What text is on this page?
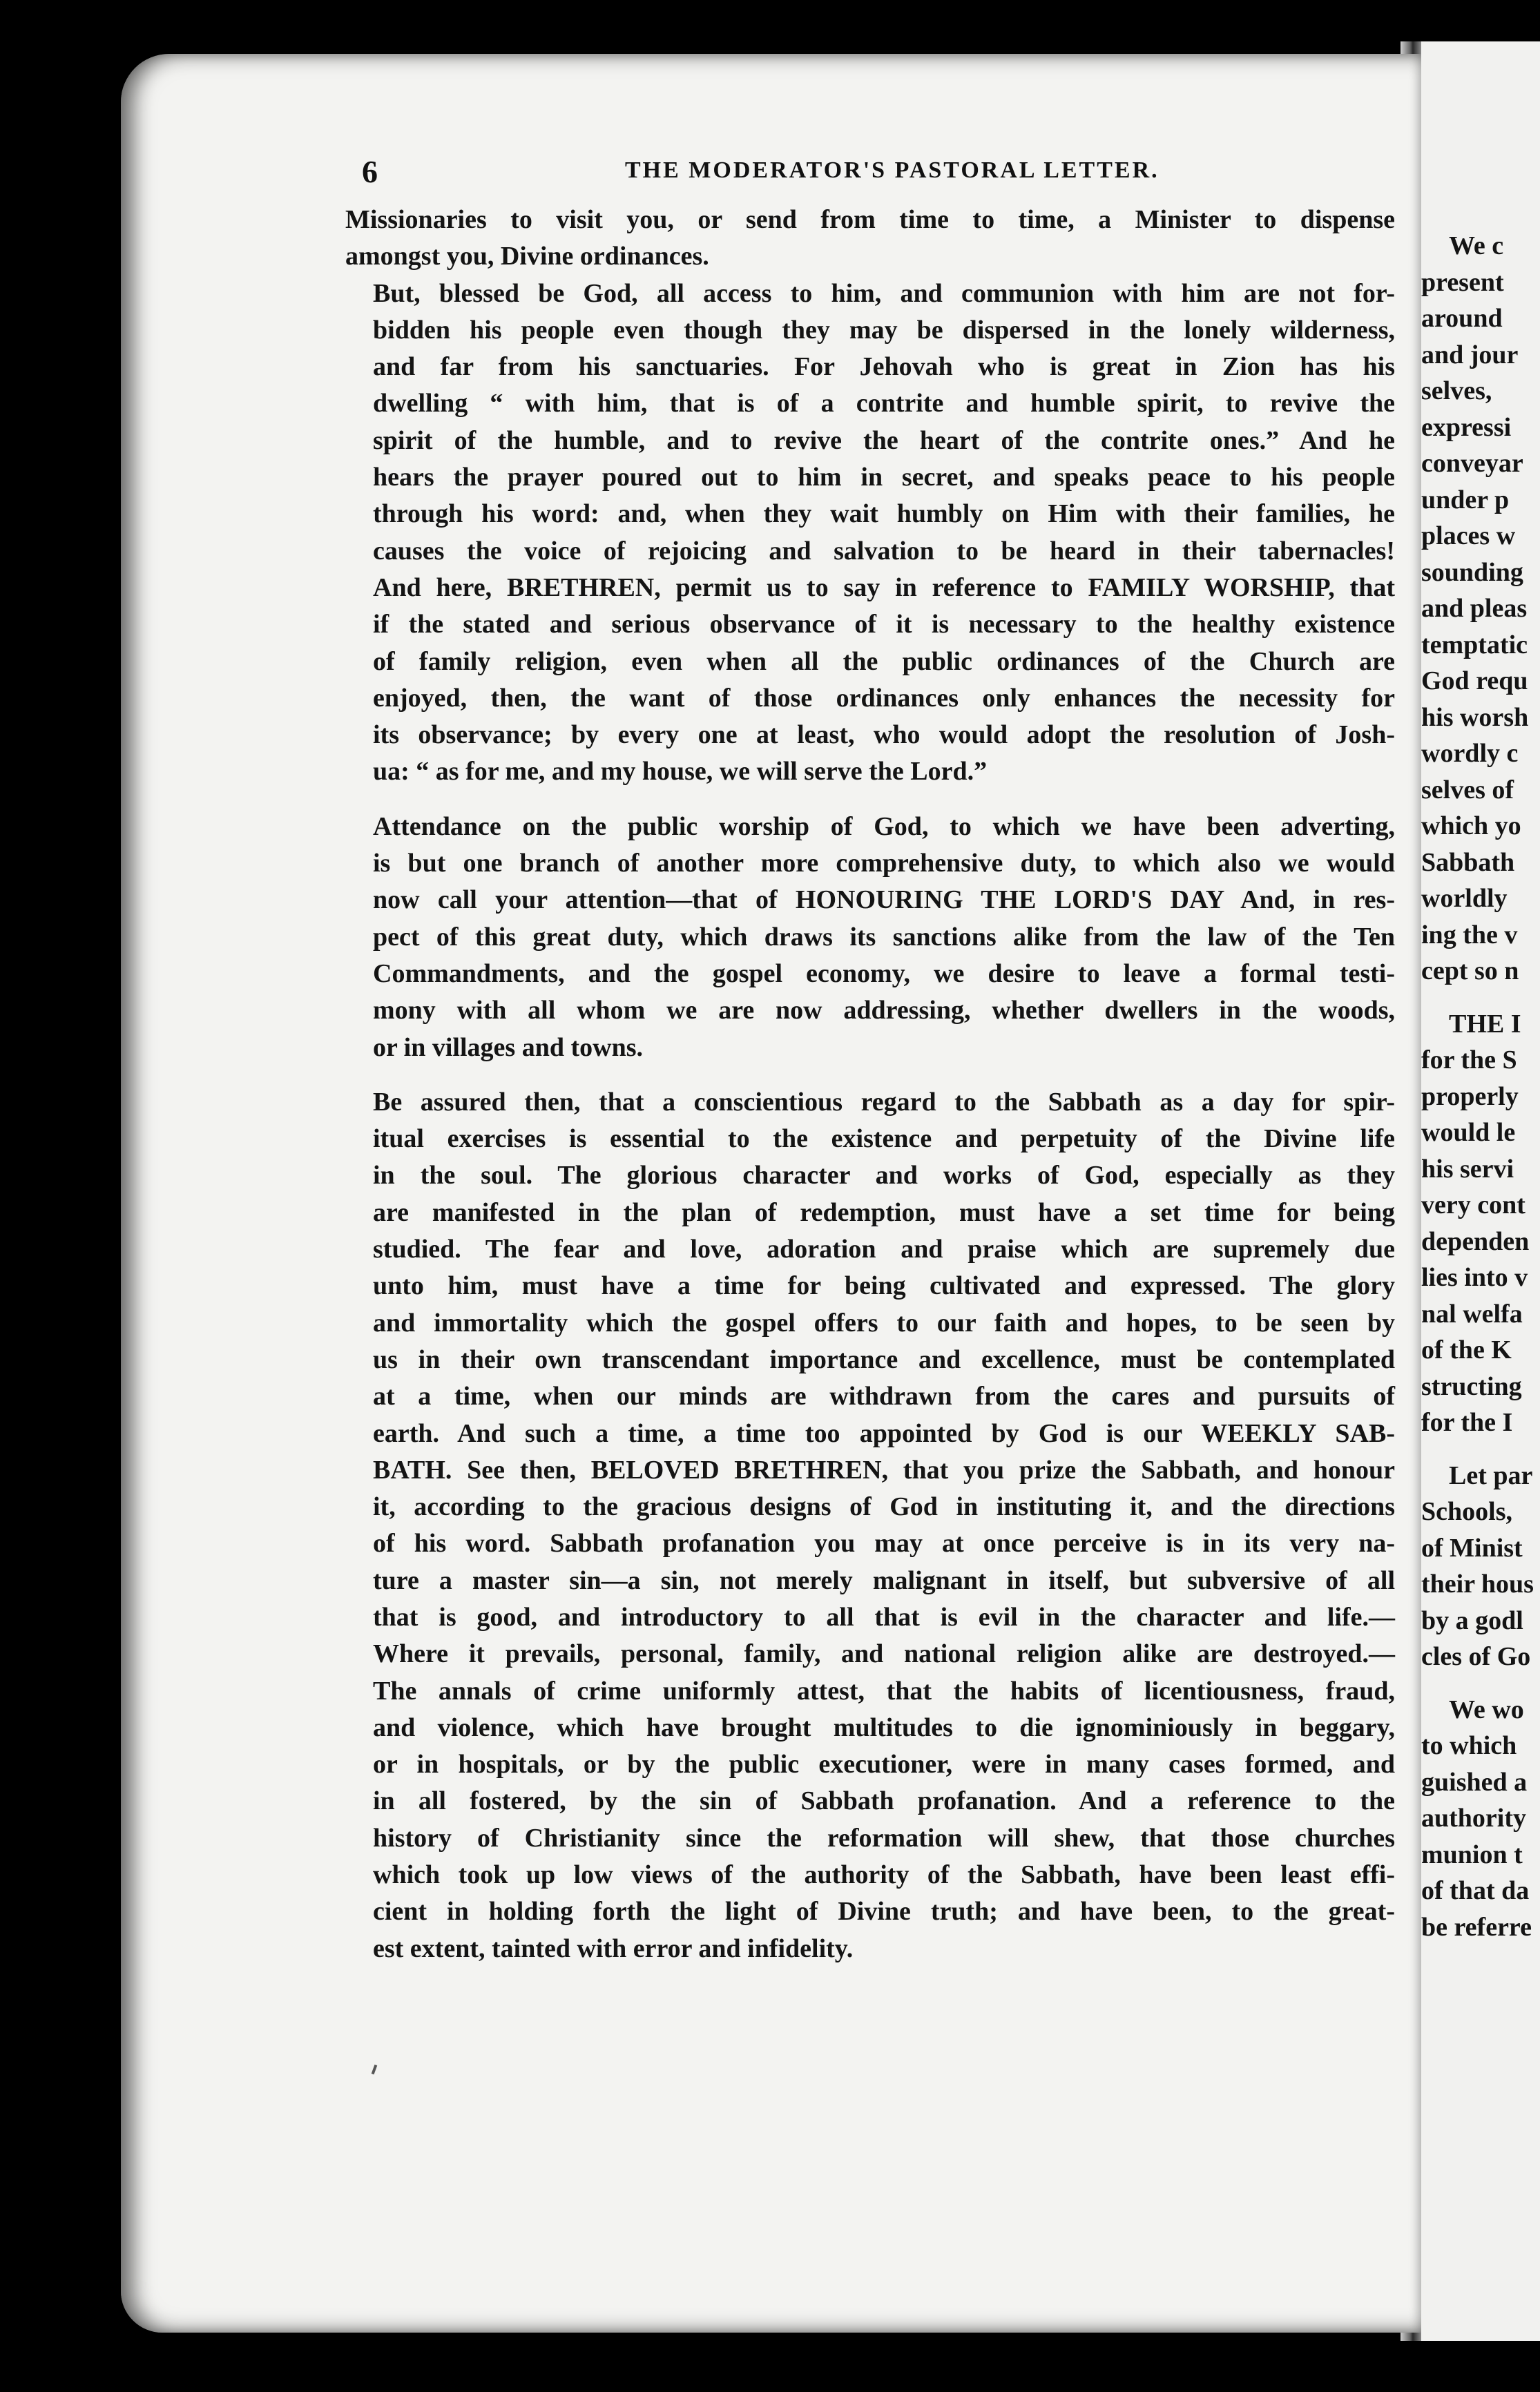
6	THE MODERATOR'S PASTORAL LETTER.

Missionaries to visit you, or send from time to time, a Minister to dispense
amongst you, Divine ordinances.

But, blessed be God, all access to him, and communion with him are not for-
bidden his people even though they may be dispersed in the lonely wilderness,
and far from his sanctuaries. For Jehovah who is great in Zion has his
dwelling “ with him, that is of a contrite and humble spirit, to revive the
spirit of the humble, and to revive the heart of the contrite ones.” And he
hears the prayer poured out to him in secret, and speaks peace to his people
through his word: and, when they wait humbly on Him with their families, he
causes the voice of rejoicing and salvation to be heard in their tabernacles!
And here, BRETHREN, permit us to say in reference to FAMILY WORSHIP, that
if the stated and serious observance of it is necessary to the healthy existence
of family religion, even when all the public ordinances of the Church are
enjoyed, then, the want of those ordinances only enhances the necessity for
its observance; by every one at least, who would adopt the resolution of Josh-
ua: “ as for me, and my house, we will serve the Lord.”

Attendance on the public worship of God, to which we have been adverting,
is but one branch of another more comprehensive duty, to which also we would
now call your attention—that of HONOURING THE LORD'S DAY And, in res-
pect of this great duty, which draws its sanctions alike from the law of the Ten
Commandments, and the gospel economy, we desire to leave a formal testi-
mony with all whom we are now addressing, whether dwellers in the woods,
or in villages and towns.

Be assured then, that a conscientious regard to the Sabbath as a day for spir-
itual exercises is essential to the existence and perpetuity of the Divine life
in the soul. The glorious character and works of God, especially as they
are manifested in the plan of redemption, must have a set time for being
studied. The fear and love, adoration and praise which are supremely due
unto him, must have a time for being cultivated and expressed. The glory
and immortality which the gospel offers to our faith and hopes, to be seen by
us in their own transcendant importance and excellence, must be contemplated
at a time, when our minds are withdrawn from the cares and pursuits of
earth. And such a time, a time too appointed by God is our WEEKLY SAB-
BATH. See then, BELOVED BRETHREN, that you prize the Sabbath, and honour
it, according to the gracious designs of God in instituting it, and the directions
of his word. Sabbath profanation you may at once perceive is in its very na-
ture a master sin—a sin, not merely malignant in itself, but subversive of all
that is good, and introductory to all that is evil in the character and life.—
Where it prevails, personal, family, and national religion alike are destroyed.—
The annals of crime uniformly attest, that the habits of licentiousness, fraud,
and violence, which have brought multitudes to die ignominiously in beggary,
or in hospitals, or by the public executioner, were in many cases formed, and
in all fostered, by the sin of Sabbath profanation. And a reference to the
history of Christianity since the reformation will shew, that those churches
which took up low views of the authority of the Sabbath, have been least effi-
cient in holding forth the light of Divine truth; and have been, to the great-
est extent, tainted with error and infidelity.

We c
present
around
and jour
selves,
expressi
conveyar
under p
places w
sounding
and pleas
temptatic
God requ
his worsh
wordly c
selves of
which yo
Sabbath
worldly
ing the v
cept so n
THE I
for the S
properly
would le
his servi
very cont
dependen
lies into v
nal welfa
of the K
structing
for the I
Let par
Schools,
of Minist
their hous
by a godl
cles of Go
We wo
to which
guished a
authority
munion t
of that da
be referre
